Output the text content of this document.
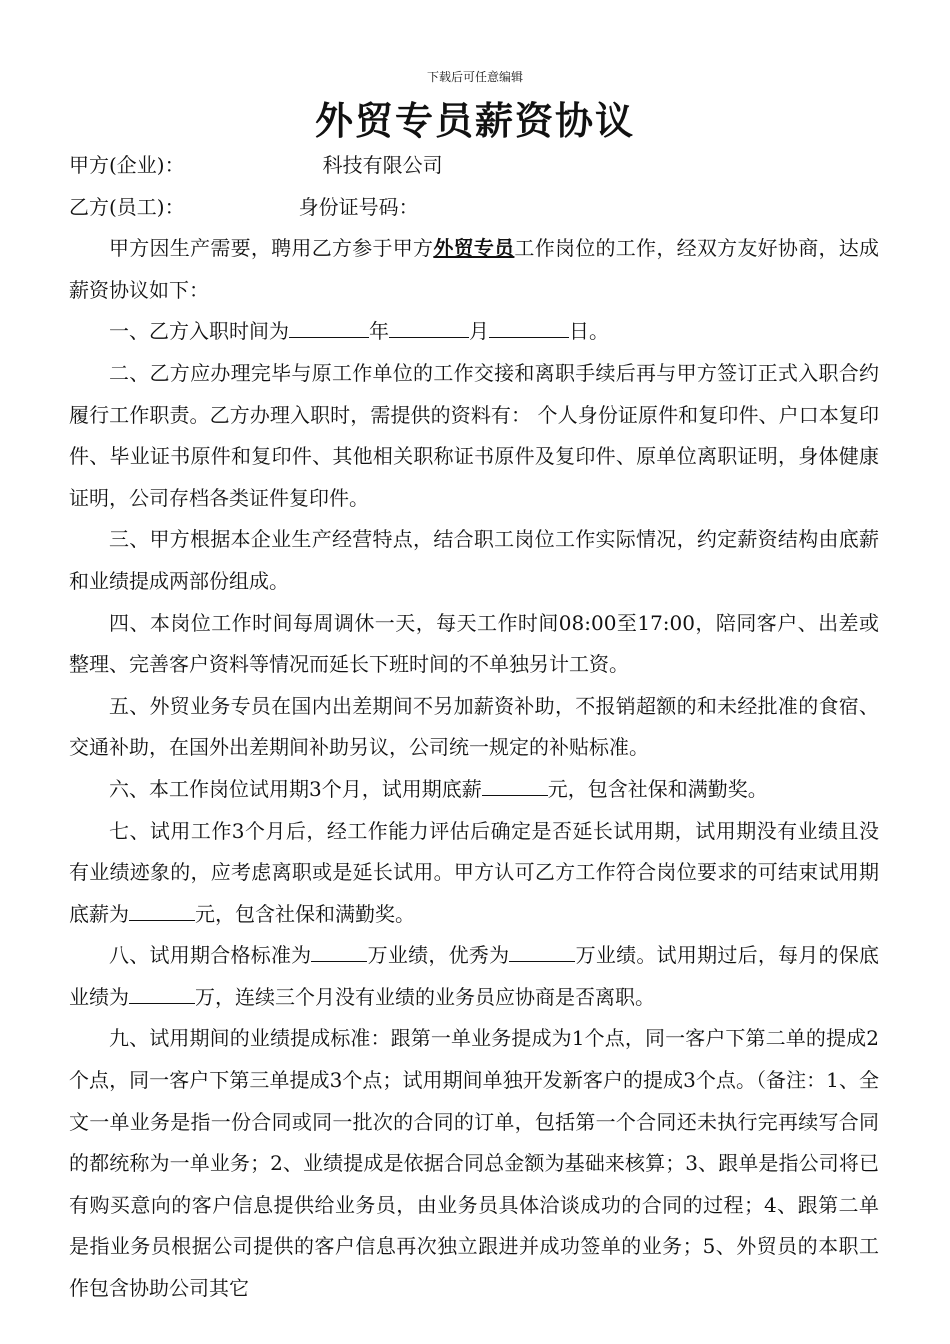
下载后可任意编辑
外贸专员薪资协议
甲方(企业)：	科技有限公司
乙方(员工)：	身份证号码：

甲方因生产需要，聘用乙方参于甲方外贸专员工作岗位的工作，经双方友好协商，达成薪资协议如下：

一、乙方入职时间为	年	月	日。

二、乙方应办理完毕与原工作单位的工作交接和离职手续后再与甲方签订正式入职合约履行工作职责。乙方办理入职时，需提供的资料有： 个人身份证原件和复印件、户口本复印件、毕业证书原件和复印件、其他相关职称证书原件及复印件、原单位离职证明，身体健康证明，公司存档各类证件复印件。

三、甲方根据本企业生产经营特点，结合职工岗位工作实际情况，约定薪资结构由底薪和业绩提成两部份组成。

四、本岗位工作时间每周调休一天，每天工作时间08:00至17:00，陪同客户、出差或整理、完善客户资料等情况而延长下班时间的不单独另计工资。

五、外贸业务专员在国内出差期间不另加薪资补助，不报销超额的和未经批准的食宿、交通补助，在国外出差期间补助另议，公司统一规定的补贴标准。

六、本工作岗位试用期3个月，试用期底薪	元，包含社保和满勤奖。

七、试用工作3个月后，经工作能力评估后确定是否延长试用期，试用期没有业绩且没有业绩迹象的，应考虑离职或是延长试用。甲方认可乙方工作符合岗位要求的可结束试用期底薪为	元，包含社保和满勤奖。

八、试用期合格标准为	万业绩，优秀为	万业绩。试用期过后，每月的保底业绩为	万，连续三个月没有业绩的业务员应协商是否离职。

九、试用期间的业绩提成标准：跟第一单业务提成为1个点，同一客户下第二单的提成2个点，同一客户下第三单提成3个点；试用期间单独开发新客户的提成3个点。（备注：1、全文一单业务是指一份合同或同一批次的合同的订单，包括第一个合同还未执行完再续写合同的都统称为一单业务；2、业绩提成是依据合同总金额为基础来核算；3、跟单是指公司将已有购买意向的客户信息提供给业务员，由业务员具体洽谈成功的合同的过程；4、跟第二单是指业务员根据公司提供的客户信息再次独立跟进并成功签单的业务；5、外贸员的本职工作包含协助公司其它
